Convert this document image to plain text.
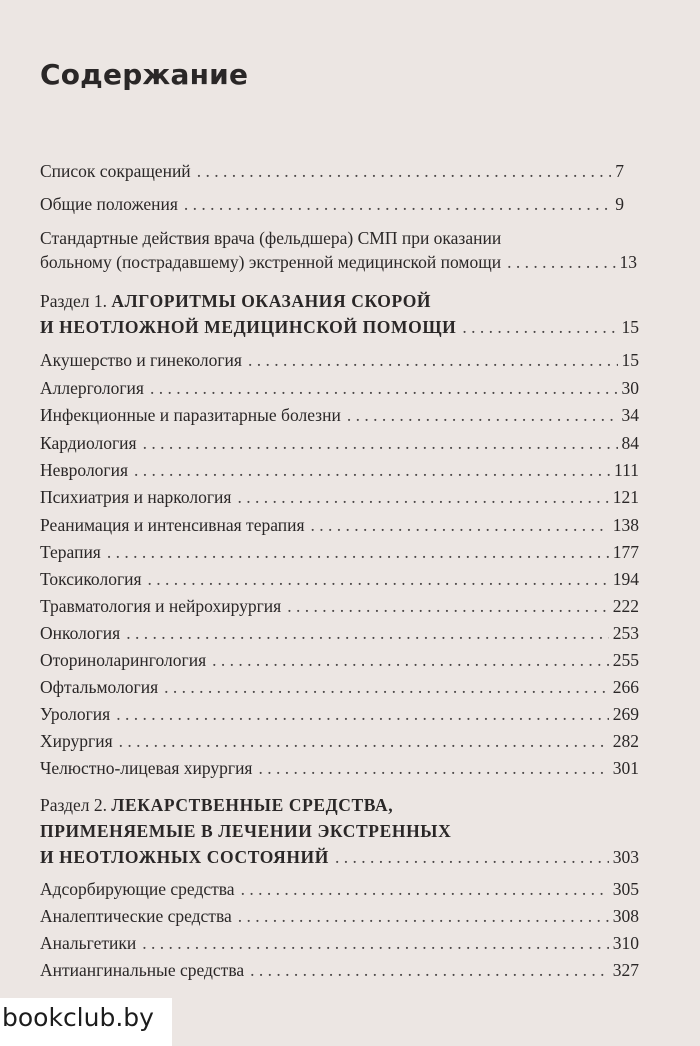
Содержание
Список сокращений . . .	7
Общие положения . . .	9
Стандартные действия врача (фельдшера) СМП при оказании
больному (пострадавшему) экстренной медицинской помощи . . .	13
Раздел 1. АЛГОРИТМЫ ОКАЗАНИЯ СКОРОЙ
И НЕОТЛОЖНОЙ МЕДИЦИНСКОЙ ПОМОЩИ . . .	15
Акушерство и гинекология . . .	15
Аллергология . . .	30
Инфекционные и паразитарные болезни . . .	34
Кардиология . . .	84
Неврология . . .	111
Психиатрия и наркология . . .	121
Реанимация и интенсивная терапия . . .	138
Терапия . . .	177
Токсикология . . .	194
Травматология и нейрохирургия . . .	222
Онкология . . .	253
Оториноларингология . . .	255
Офтальмология . . .	266
Урология . . .	269
Хирургия . . .	282
Челюстно-лицевая хирургия . . .	301
Раздел 2. ЛЕКАРСТВЕННЫЕ СРЕДСТВА,
ПРИМЕНЯЕМЫЕ В ЛЕЧЕНИИ ЭКСТРЕННЫХ
И НЕОТЛОЖНЫХ СОСТОЯНИЙ . . .	303
Адсорбирующие средства . . .	305
Аналептические средства . . .	308
Анальгетики . . .	310
Антиангинальные средства . . .	327
bookclub.by
